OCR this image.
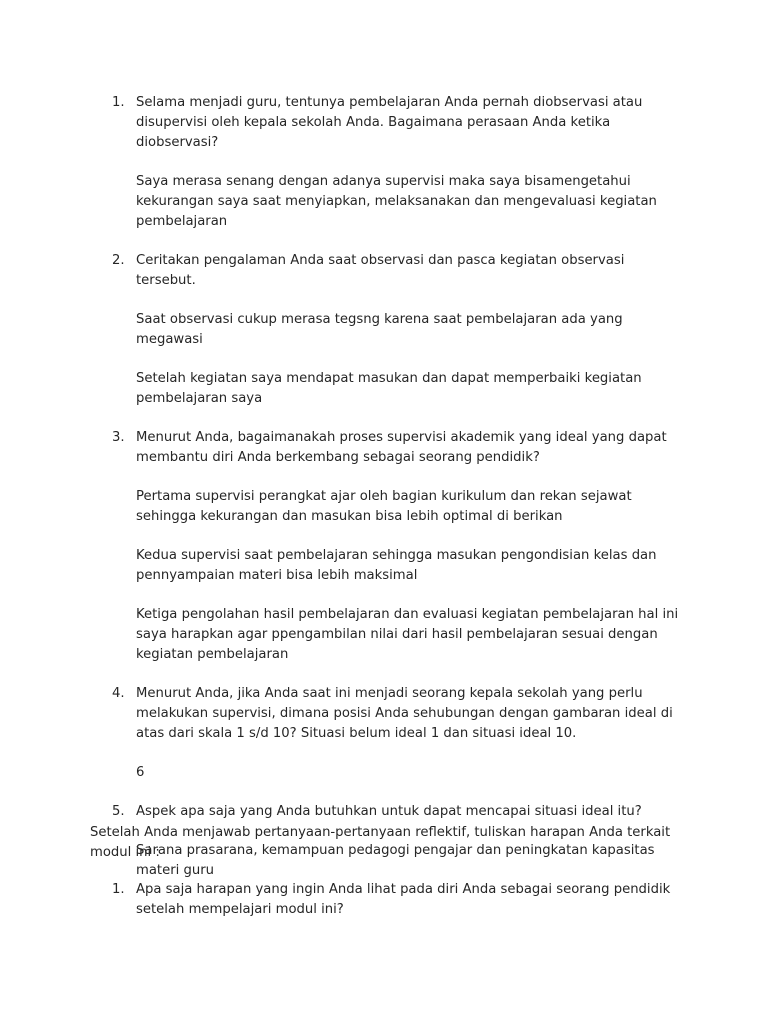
1. Selama menjadi guru, tentunya pembelajaran Anda pernah diobservasi atau disupervisi oleh kepala sekolah Anda. Bagaimana perasaan Anda ketika diobservasi?

Saya merasa senang dengan adanya supervisi maka saya bisamengetahui kekurangan saya saat menyiapkan, melaksanakan dan mengevaluasi kegiatan pembelajaran

2. Ceritakan pengalaman Anda saat observasi dan pasca kegiatan observasi tersebut.

Saat observasi cukup merasa tegsng karena saat pembelajaran ada yang megawasi

Setelah kegiatan saya mendapat masukan dan dapat memperbaiki kegiatan pembelajaran saya

3. Menurut Anda, bagaimanakah proses supervisi akademik yang ideal yang dapat membantu diri Anda berkembang sebagai seorang pendidik?

Pertama supervisi perangkat ajar oleh bagian kurikulum dan rekan sejawat sehingga kekurangan dan masukan bisa lebih optimal di berikan

Kedua supervisi saat pembelajaran sehingga masukan pengondisian kelas dan pennyampaian materi bisa lebih maksimal

Ketiga pengolahan hasil pembelajaran dan evaluasi kegiatan pembelajaran hal ini saya harapkan agar ppengambilan nilai dari hasil pembelajaran sesuai dengan kegiatan pembelajaran

4. Menurut Anda, jika Anda saat ini menjadi seorang kepala sekolah yang perlu melakukan supervisi, dimana posisi Anda sehubungan dengan gambaran ideal di atas dari skala 1 s/d 10? Situasi belum ideal 1 dan situasi ideal 10.

6

5. Aspek apa saja yang Anda butuhkan untuk dapat mencapai situasi ideal itu?

Sarana prasarana, kemampuan pedagogi pengajar dan peningkatan kapasitas materi guru

Setelah Anda menjawab pertanyaan-pertanyaan reflektif, tuliskan harapan Anda terkait modul ini :

1. Apa saja harapan yang ingin Anda lihat pada diri Anda sebagai seorang pendidik setelah mempelajari modul ini?
